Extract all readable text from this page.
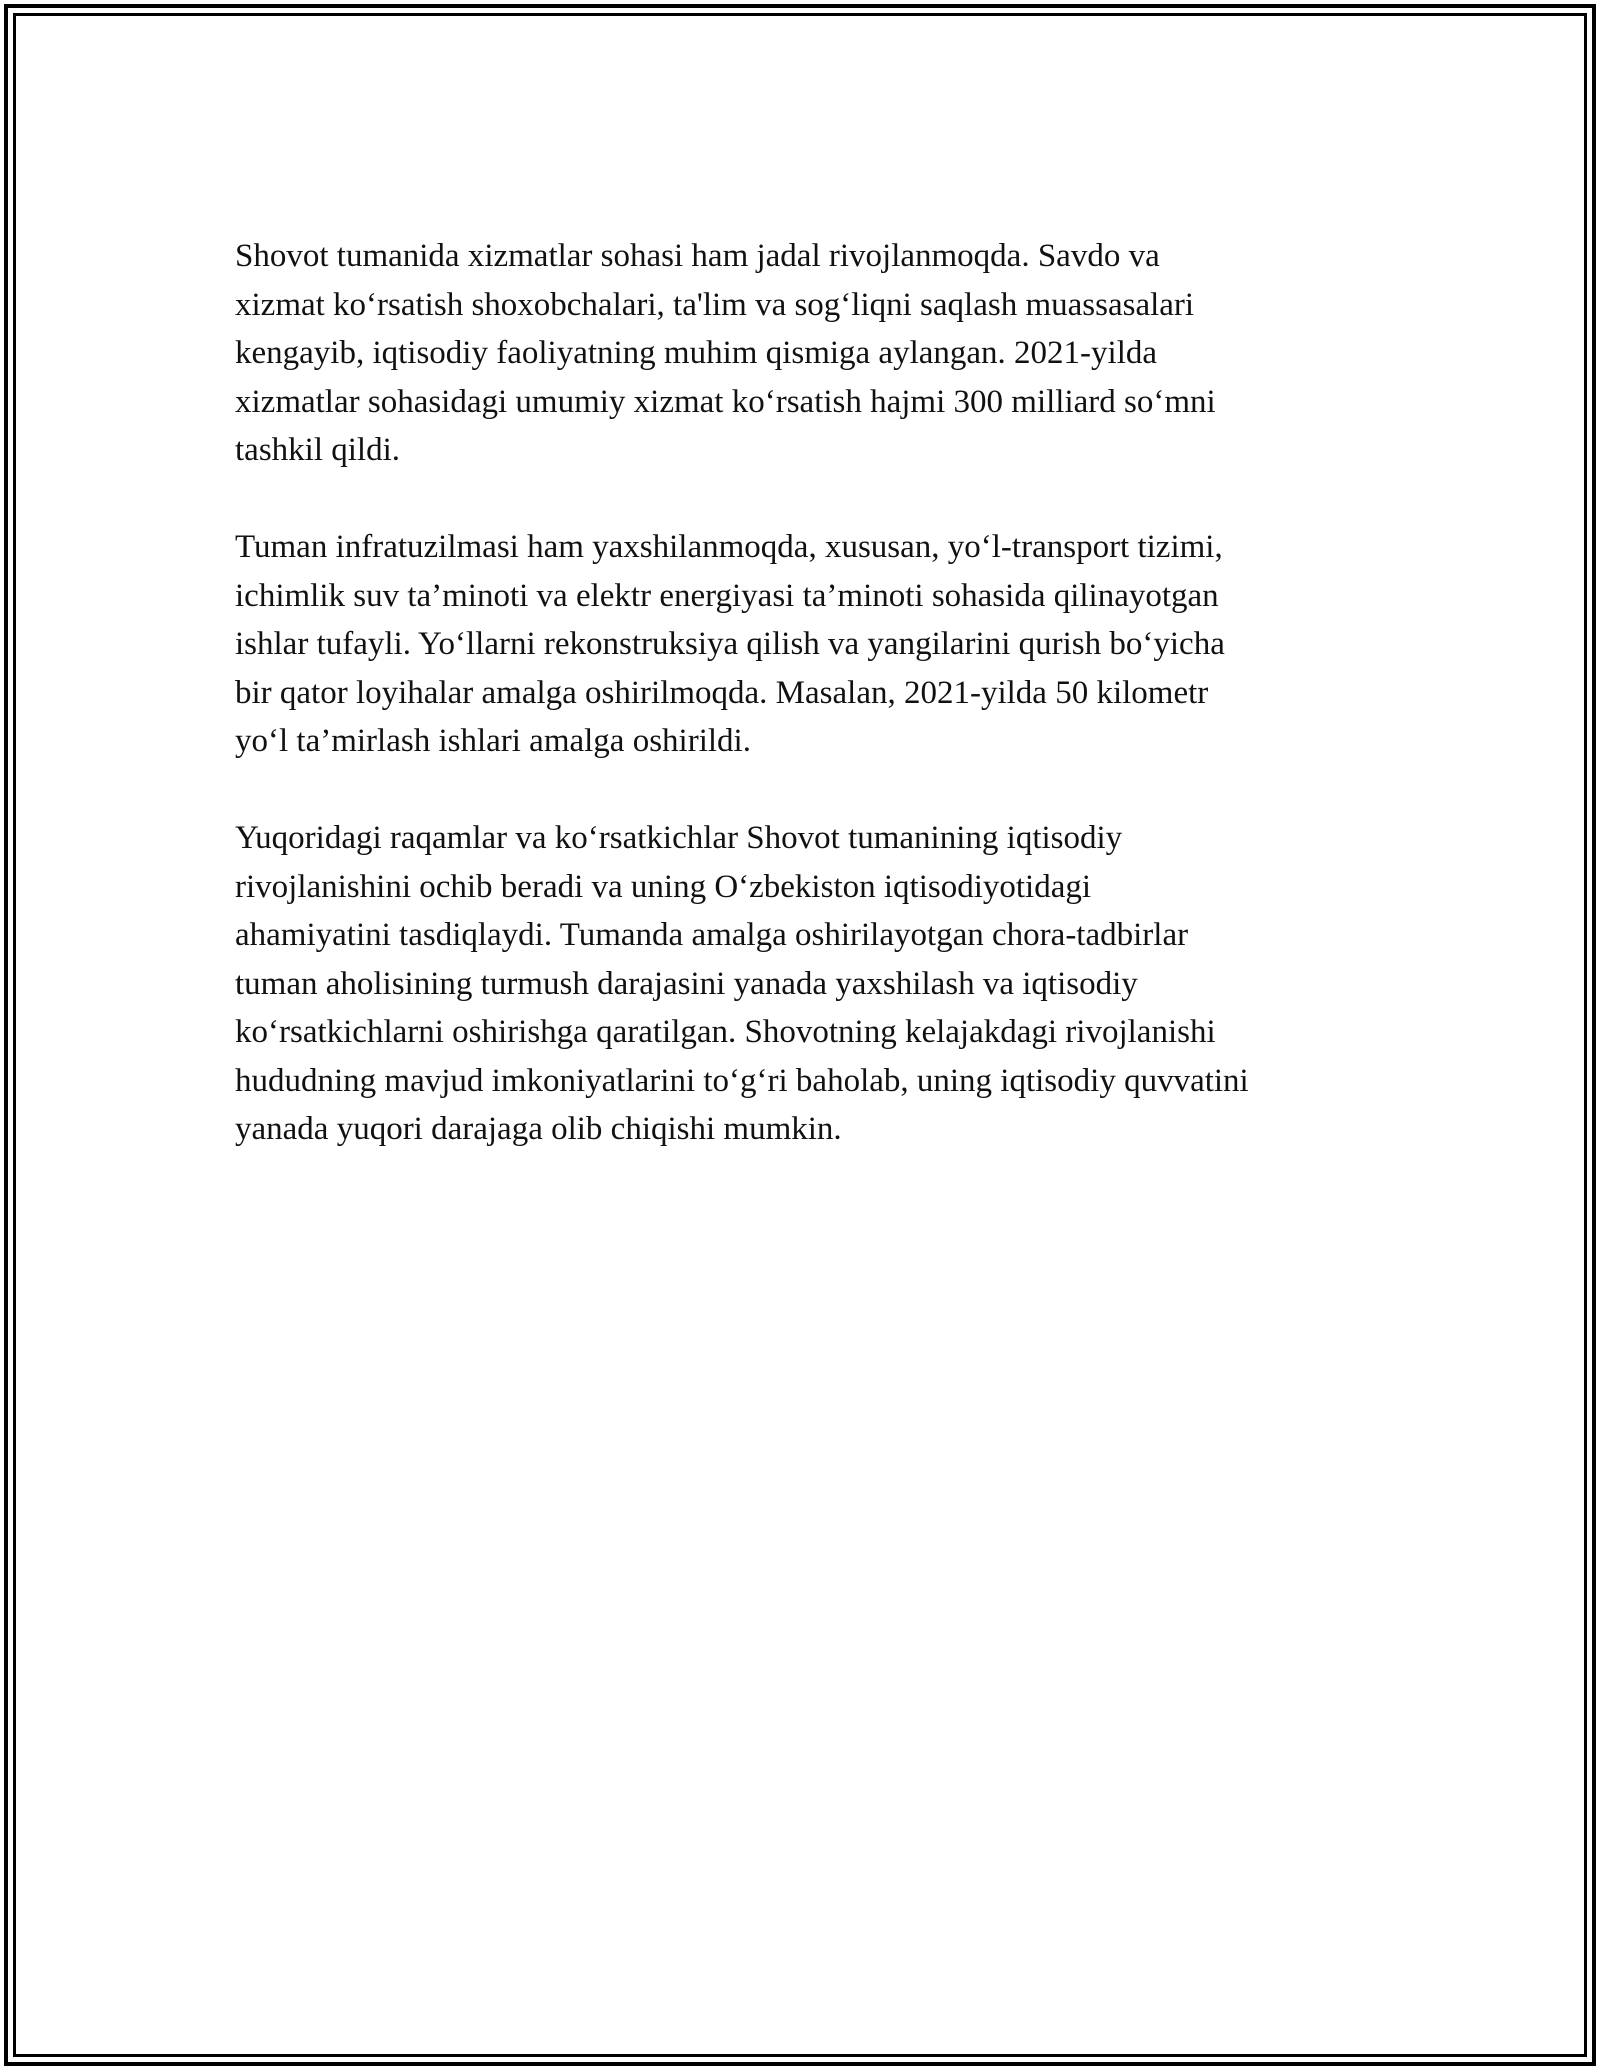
Shovot tumanida xizmatlar sohasi ham jadal rivojlanmoqda. Savdo va
xizmat ko‘rsatish shoxobchalari, ta'lim va sog‘liqni saqlash muassasalari
kengayib, iqtisodiy faoliyatning muhim qismiga aylangan. 2021-yilda
xizmatlar sohasidagi umumiy xizmat ko‘rsatish hajmi 300 milliard so‘mni
tashkil qildi.

Tuman infratuzilmasi ham yaxshilanmoqda, xususan, yo‘l-transport tizimi,
ichimlik suv ta’minoti va elektr energiyasi ta’minoti sohasida qilinayotgan
ishlar tufayli. Yo‘llarni rekonstruksiya qilish va yangilarini qurish bo‘yicha
bir qator loyihalar amalga oshirilmoqda. Masalan, 2021-yilda 50 kilometr
yo‘l ta’mirlash ishlari amalga oshirildi.

Yuqoridagi raqamlar va ko‘rsatkichlar Shovot tumanining iqtisodiy
rivojlanishini ochib beradi va uning O‘zbekiston iqtisodiyotidagi
ahamiyatini tasdiqlaydi. Tumanda amalga oshirilayotgan chora-tadbirlar
tuman aholisining turmush darajasini yanada yaxshilash va iqtisodiy
ko‘rsatkichlarni oshirishga qaratilgan. Shovotning kelajakdagi rivojlanishi
hududning mavjud imkoniyatlarini to‘g‘ri baholab, uning iqtisodiy quvvatini
yanada yuqori darajaga olib chiqishi mumkin.
